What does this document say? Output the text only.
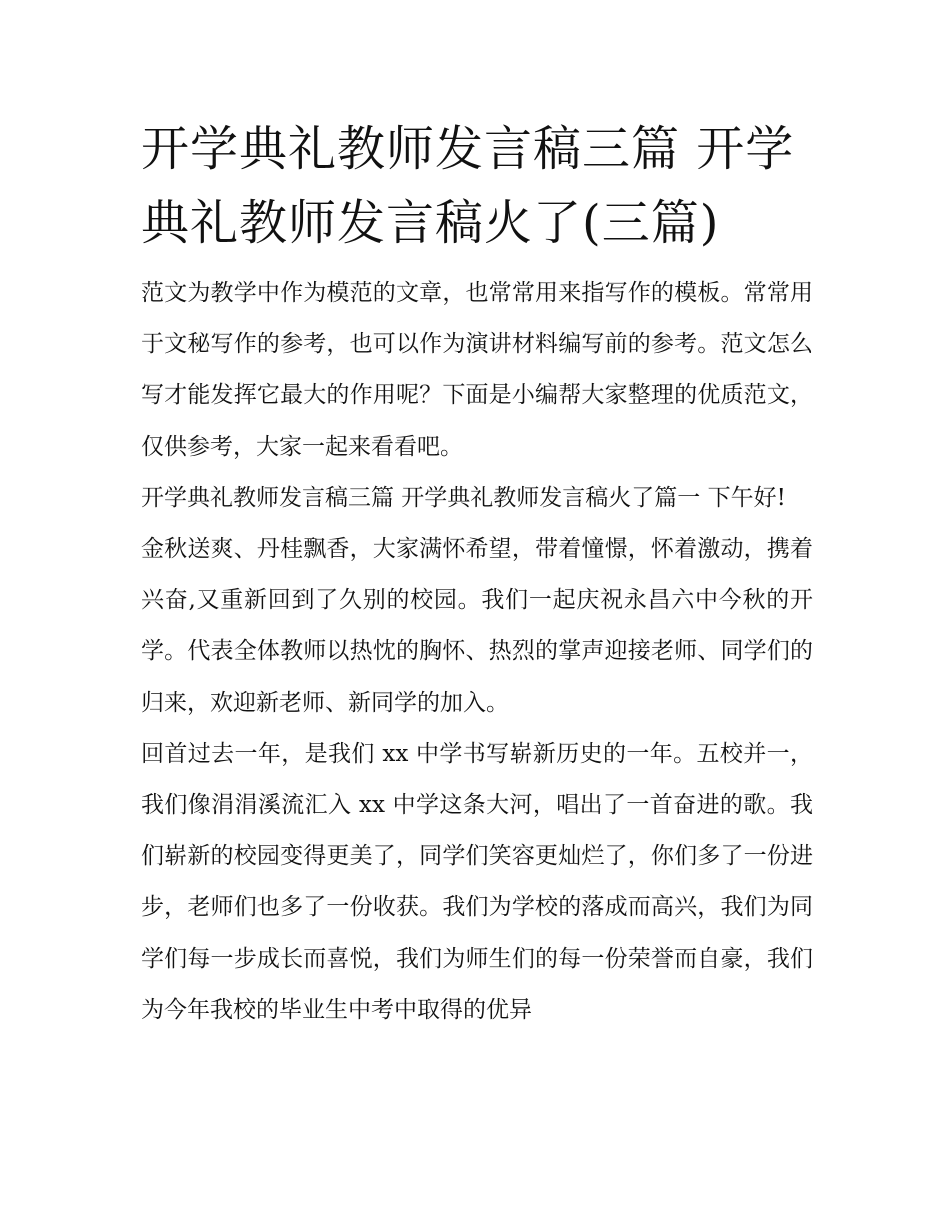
开学典礼教师发言稿三篇 开学典礼教师发言稿火了(三篇)

范文为教学中作为模范的文章，也常常用来指写作的模板。常常用于文秘写作的参考，也可以作为演讲材料编写前的参考。范文怎么写才能发挥它最大的作用呢？下面是小编帮大家整理的优质范文，仅供参考，大家一起来看看吧。

开学典礼教师发言稿三篇 开学典礼教师发言稿火了篇一 下午好!

金秋送爽、丹桂飘香，大家满怀希望，带着憧憬，怀着激动，携着兴奋,又重新回到了久别的校园。我们一起庆祝永昌六中今秋的开学。代表全体教师以热忱的胸怀、热烈的掌声迎接老师、同学们的归来，欢迎新老师、新同学的加入。

回首过去一年，是我们 xx 中学书写崭新历史的一年。五校并一，我们像涓涓溪流汇入 xx 中学这条大河，唱出了一首奋进的歌。我们崭新的校园变得更美了，同学们笑容更灿烂了，你们多了一份进步，老师们也多了一份收获。我们为学校的落成而高兴，我们为同学们每一步成长而喜悦，我们为师生们的每一份荣誉而自豪，我们为今年我校的毕业生中考中取得的优异
